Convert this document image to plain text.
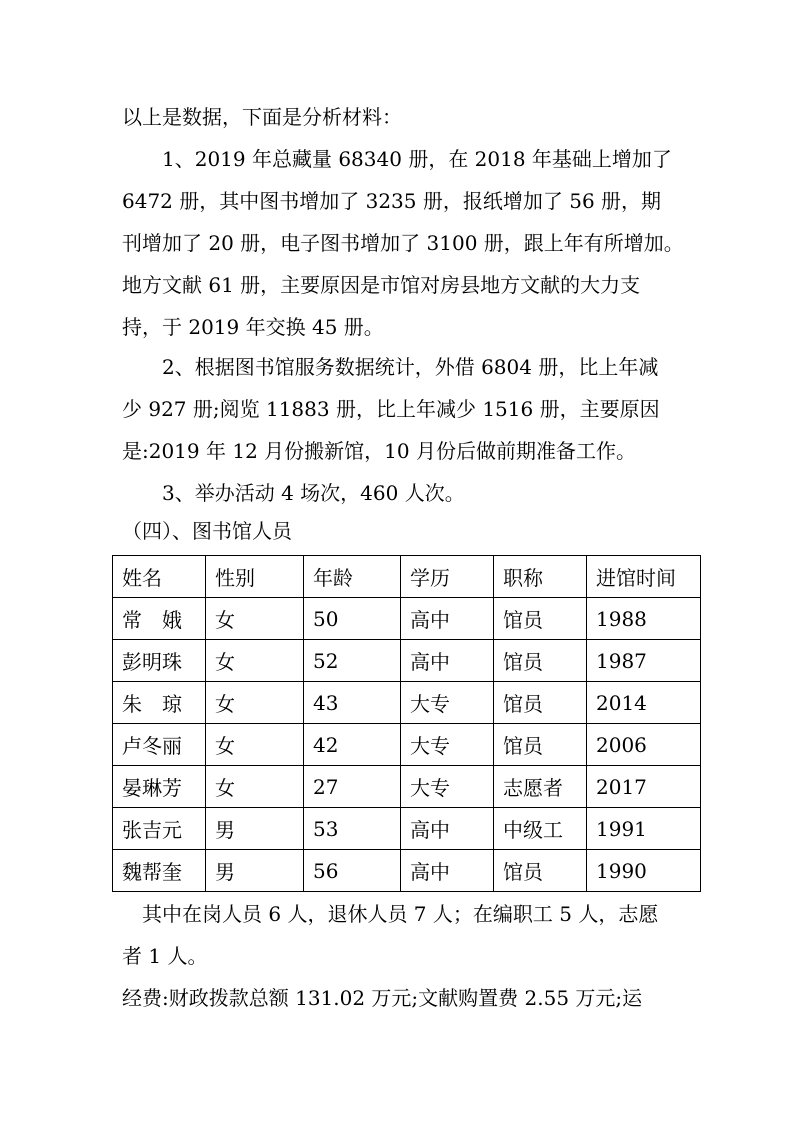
以上是数据，下面是分析材料：
1、2019 年总藏量 68340 册，在 2018 年基础上增加了
6472 册，其中图书增加了 3235 册，报纸增加了 56 册，期
刊增加了 20 册，电子图书增加了 3100 册，跟上年有所增加。
地方文献 61 册，主要原因是市馆对房县地方文献的大力支
持，于 2019 年交换 45 册。
2、根据图书馆服务数据统计，外借 6804 册，比上年减
少 927 册;阅览 11883 册，比上年减少 1516 册，主要原因
是:2019 年 12 月份搬新馆，10 月份后做前期准备工作。
3、举办活动 4 场次，460 人次。
（四）、图书馆人员
姓名	性别	年龄	学历	职称	进馆时间
常　娥	女	50	高中	馆员	1988
彭明珠	女	52	高中	馆员	1987
朱　琼	女	43	大专	馆员	2014
卢冬丽	女	42	大专	馆员	2006
晏琳芳	女	27	大专	志愿者	2017
张吉元	男	53	高中	中级工	1991
魏帮奎	男	56	高中	馆员	1990
其中在岗人员 6 人，退休人员 7 人；在编职工 5 人，志愿
者 1 人。
经费:财政拨款总额 131.02 万元;文献购置费 2.55 万元;运
